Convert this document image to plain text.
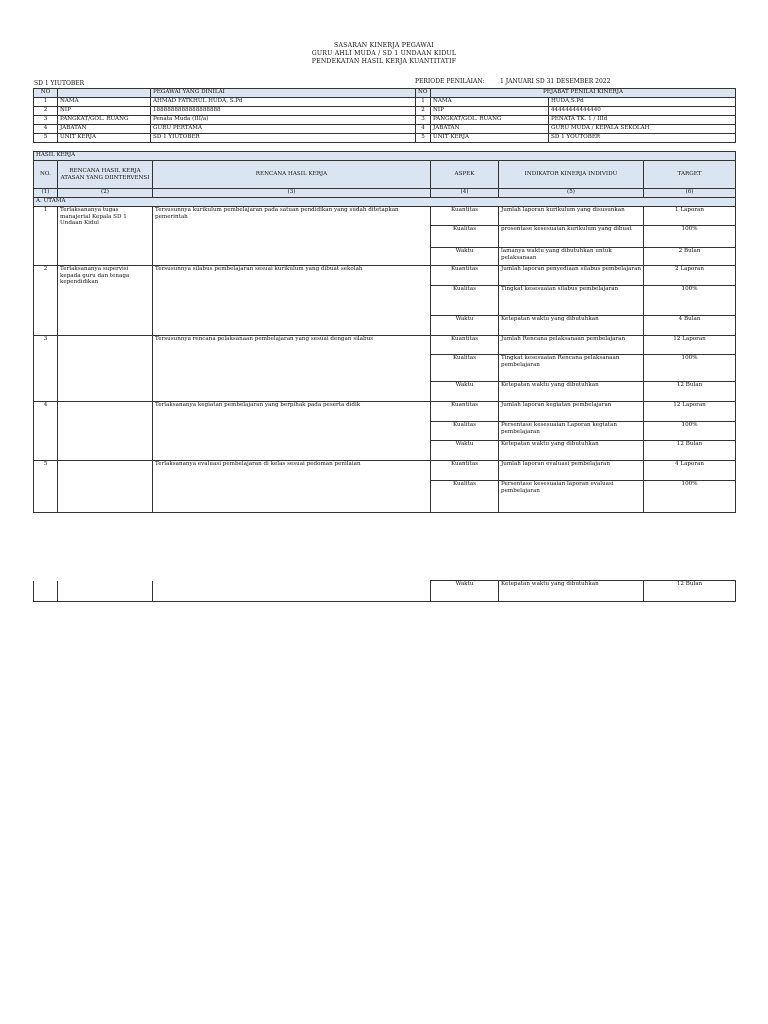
SASARAN KINERJA PEGAWAI
GURU AHLI MUDA / SD 1 UNDAAN KIDUL
PENDEKATAN HASIL KERJA KUANTITATIF
SD 1 YIUTOBER	PERIODE PENILAIAN:	1 JANUARI SD 31 DESEMBER 2022
NO		PEGAWAI YANG DINILAI	NO	PEJABAT PENILAI KINERJA	
1	NAMA	AHMAD FATKHUL HUDA, S.Pd	1	NAMA	HUDA,S.Pd
2	NIP	1888888888888888888	2	NIP	44444444444440
3	PANGKAT/GOL. RUANG	Penata Muda (III/a)	3	PANGKAT/GOL. RUANG	PENATA TK. 1 / IIId
4	JABATAN	GURU PERTAMA	4	JABATAN	GURU MUDA / KEPALA SEKOLAH
5	UNIT KERJA	SD 1 YIUTOBER	5	UNIT KERJA	SD 1 YOUTOBER
HASIL KERJA					
NO.	RENCANA HASIL KERJA ATASAN YANG DIINTERVENSI	RENCANA HASIL KERJA	ASPEK	INDIKATOR KINERJA INDIVIDU	TARGET
(1)	(2)	(3)	(4)	(5)	(6)
A. UTAMA					
1	Terlaksananya tugas manajerial Kepala SD 1 Undaan Kidul	Tersusunnya kurikulum pembelajaran pada satuan pendidikan yang sudah ditetapkan pemerintah	Kuantitas	Jumlah laporan kurikulum yang disusunkan	1 Laporan
			Kualitas	prosentase kesesuaian kurikulum yang dibuat	100%
			Waktu	lamanya waktu yang dibutuhkan untuk pelaksanaan	2 Bulan
2	Terlaksananya supervisi kepada guru dan tenaga kependidikan	Tersusunnya silabus pembelajaran sesuai kurikulum yang dibuat sekolah	Kuantitas	Jumlah laporan penyediaan silabus pembelajaran	2 Laporan
			Kualitas	Tingkat kesesuaian silabus pembelajaran	100%
			Waktu	Ketepatan waktu yang dibutuhkan	4 Bulan
3		Tersusunnya rencana pelaksanaan pembelajaran yang sesuai dengan silabus	Kuantitas	Jumlah Rencana pelaksanaan pembelajaran	12 Laporan
			Kualitas	Tingkat kesesuaian Rencana pelaksanaan pembelajaran	100%
			Waktu	Ketepatan waktu yang dibutuhkan	12 Bulan
4		Terlaksananya kegiatan pembelajaran yang berpihak pada peserta didik	Kuantitas	Jumlah laporan kegiatan pembelajaran	12 Laporan
			Kualitas	Persentase kesesuaian Laporan kegiatan pembelajaran	100%
			Waktu	Ketepatan waktu yang dibutuhkan	12 Bulan
5		Terlaksananya evaluasi pembelajaran di kelas sesuai pedoman penilaian	Kuantitas	Jumlah laporan evaluasi pembelajaran	4 Laporan
			Kualitas	Persentase kesesuaian laporan evaluasi pembelajaran	100%
			Waktu	Ketepatan waktu yang dibutuhkan	12 Bulan
